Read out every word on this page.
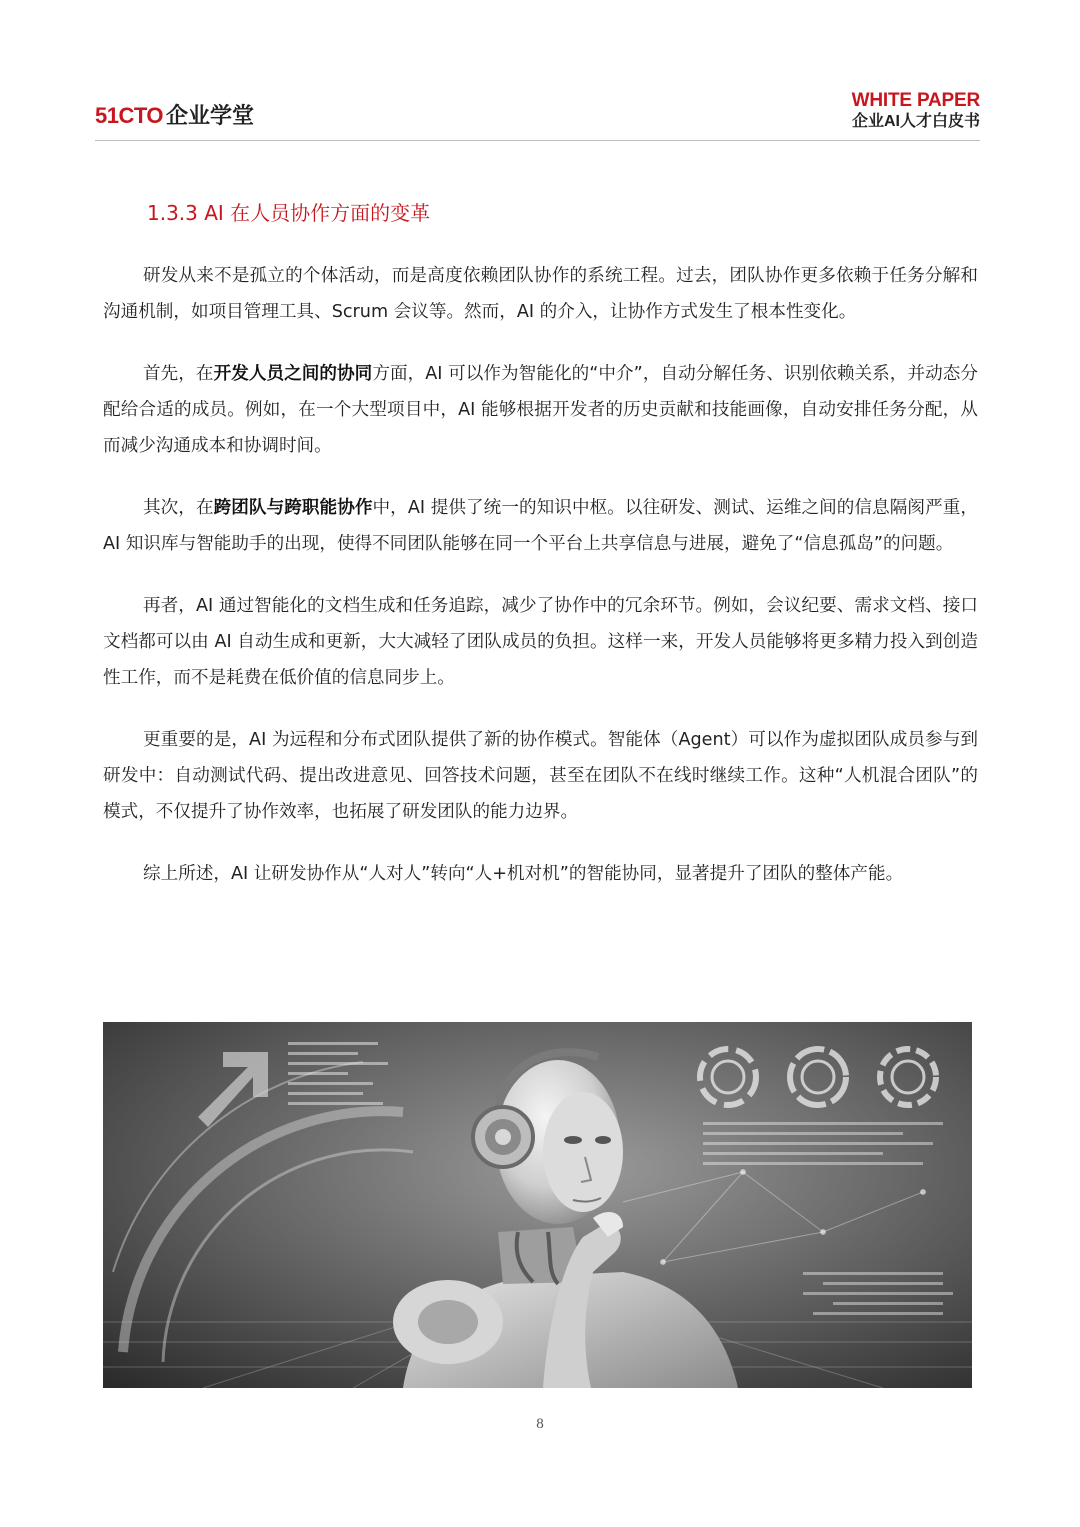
51CTO 企业学堂
WHITE PAPER
企业AI人才白皮书
1.3.3 AI 在人员协作方面的变革

研发从来不是孤立的个体活动，而是高度依赖团队协作的系统工程。过去，团队协作更多依赖于任务分解和沟通机制，如项目管理工具、Scrum 会议等。然而，AI 的介入，让协作方式发生了根本性变化。

首先，在开发人员之间的协同方面，AI 可以作为智能化的“中介”，自动分解任务、识别依赖关系，并动态分配给合适的成员。例如，在一个大型项目中，AI 能够根据开发者的历史贡献和技能画像，自动安排任务分配，从而减少沟通成本和协调时间。

其次，在跨团队与跨职能协作中，AI 提供了统一的知识中枢。以往研发、测试、运维之间的信息隔阂严重，AI 知识库与智能助手的出现，使得不同团队能够在同一个平台上共享信息与进展，避免了“信息孤岛”的问题。

再者，AI 通过智能化的文档生成和任务追踪，减少了协作中的冗余环节。例如，会议纪要、需求文档、接口文档都可以由 AI 自动生成和更新，大大减轻了团队成员的负担。这样一来，开发人员能够将更多精力投入到创造性工作，而不是耗费在低价值的信息同步上。

更重要的是，AI 为远程和分布式团队提供了新的协作模式。智能体（Agent）可以作为虚拟团队成员参与到研发中：自动测试代码、提出改进意见、回答技术问题，甚至在团队不在线时继续工作。这种“人机混合团队”的模式，不仅提升了协作效率，也拓展了研发团队的能力边界。

综上所述，AI 让研发协作从“人对人”转向“人+机对机”的智能协同，显著提升了团队的整体产能。

8
